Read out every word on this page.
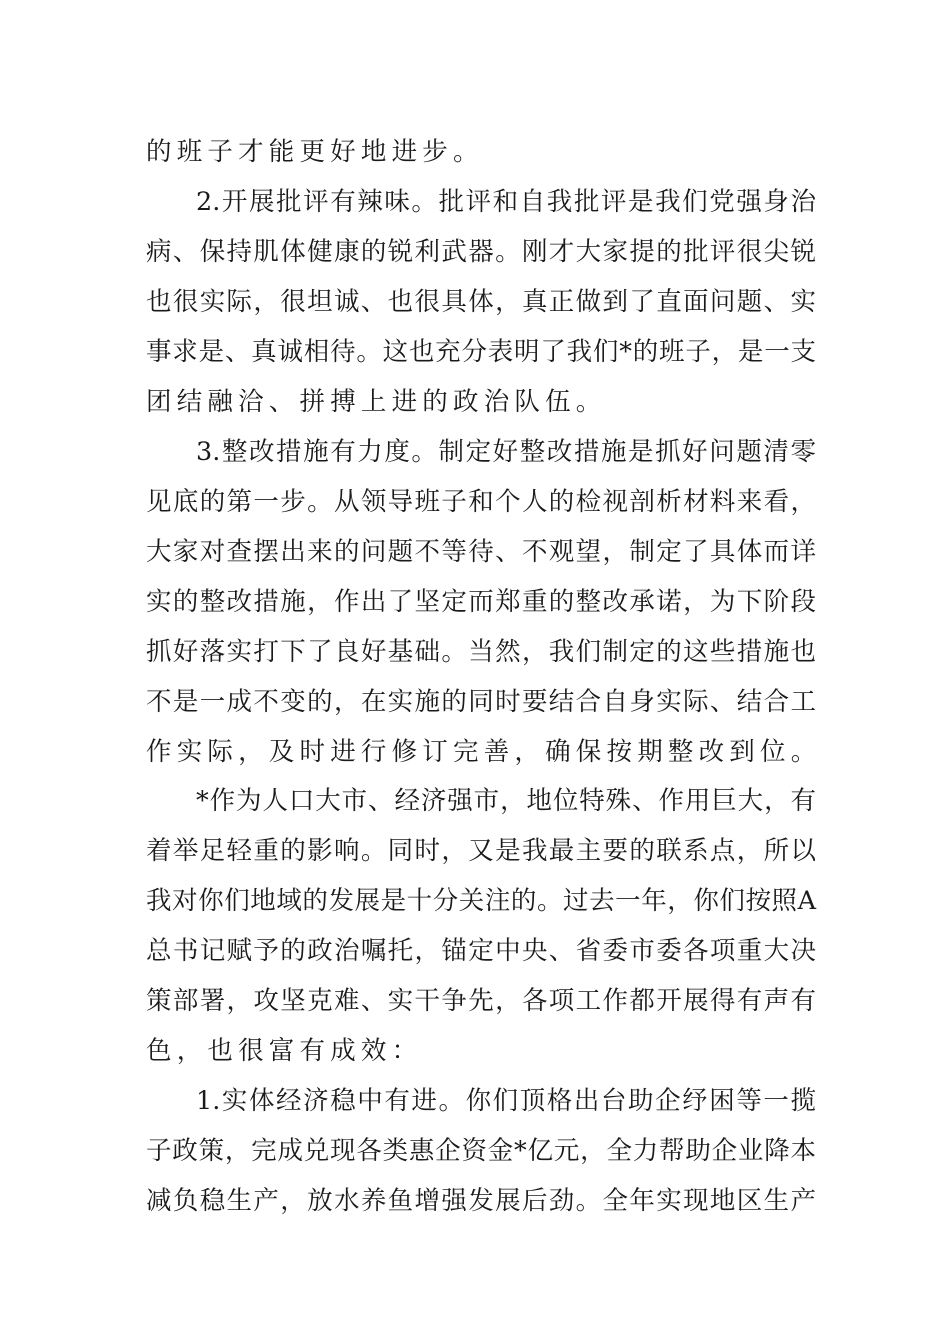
的班子才能更好地进步。
2.开展批评有辣味。批评和自我批评是我们党强身治
病、保持肌体健康的锐利武器。刚才大家提的批评很尖锐
也很实际，很坦诚、也很具体，真正做到了直面问题、实
事求是、真诚相待。这也充分表明了我们*的班子，是一支
团结融洽、拼搏上进的政治队伍。
3.整改措施有力度。制定好整改措施是抓好问题清零
见底的第一步。从领导班子和个人的检视剖析材料来看，
大家对查摆出来的问题不等待、不观望，制定了具体而详
实的整改措施，作出了坚定而郑重的整改承诺，为下阶段
抓好落实打下了良好基础。当然，我们制定的这些措施也
不是一成不变的，在实施的同时要结合自身实际、结合工
作实际，及时进行修订完善，确保按期整改到位。
*作为人口大市、经济强市，地位特殊、作用巨大，有
着举足轻重的影响。同时，又是我最主要的联系点，所以
我对你们地域的发展是十分关注的。过去一年，你们按照A
总书记赋予的政治嘱托，锚定中央、省委市委各项重大决
策部署，攻坚克难、实干争先，各项工作都开展得有声有
色，也很富有成效：
1.实体经济稳中有进。你们顶格出台助企纾困等一揽
子政策，完成兑现各类惠企资金*亿元，全力帮助企业降本
减负稳生产，放水养鱼增强发展后劲。全年实现地区生产
